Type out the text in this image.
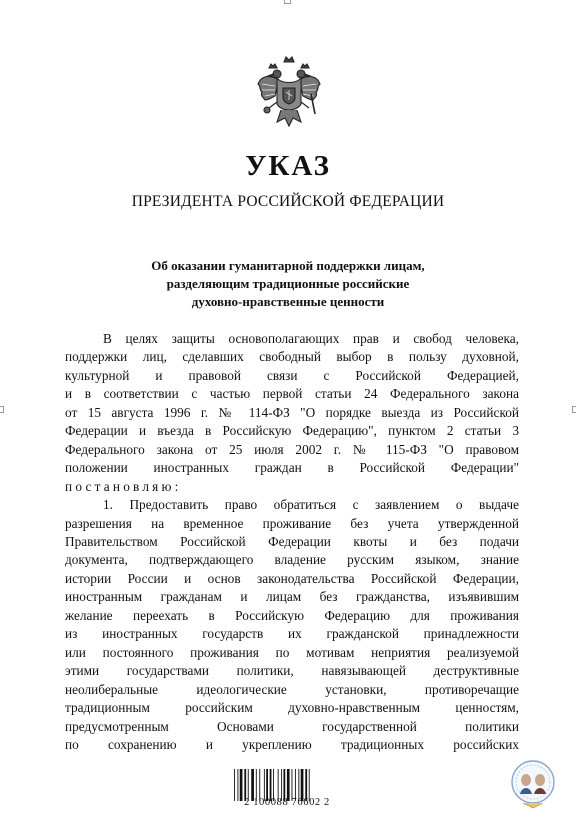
УКАЗ
ПРЕЗИДЕНТА РОССИЙСКОЙ ФЕДЕРАЦИИ
Об оказании гуманитарной поддержки лицам,
разделяющим традиционные российские
духовно-нравственные ценности

В целях защиты основополагающих прав и свобод человека,
поддержки лиц, сделавших свободный выбор в пользу духовной,
культурной и правовой связи с Российской Федерацией,
и в соответствии с частью первой статьи 24 Федерального закона
от 15 августа 1996 г. № 114-ФЗ "О порядке выезда из Российской
Федерации и въезда в Российскую Федерацию", пунктом 2 статьи 3
Федерального закона от 25 июля 2002 г. № 115-ФЗ "О правовом
положении иностранных граждан в Российской Федерации"
постановляю:

1. Предоставить право обратиться с заявлением о выдаче
разрешения на временное проживание без учета утвержденной
Правительством Российской Федерации квоты и без подачи
документа, подтверждающего владение русским языком, знание
истории России и основ законодательства Российской Федерации,
иностранным гражданам и лицам без гражданства, изъявившим
желание переехать в Российскую Федерацию для проживания
из иностранных государств их гражданской принадлежности
или постоянного проживания по мотивам неприятия реализуемой
этими государствами политики, навязывающей деструктивные
неолиберальные идеологические установки, противоречащие
традиционным российским духовно-нравственным ценностям,
предусмотренным Основами государственной политики
по сохранению и укреплению традиционных российских

2 100088 76602 2
